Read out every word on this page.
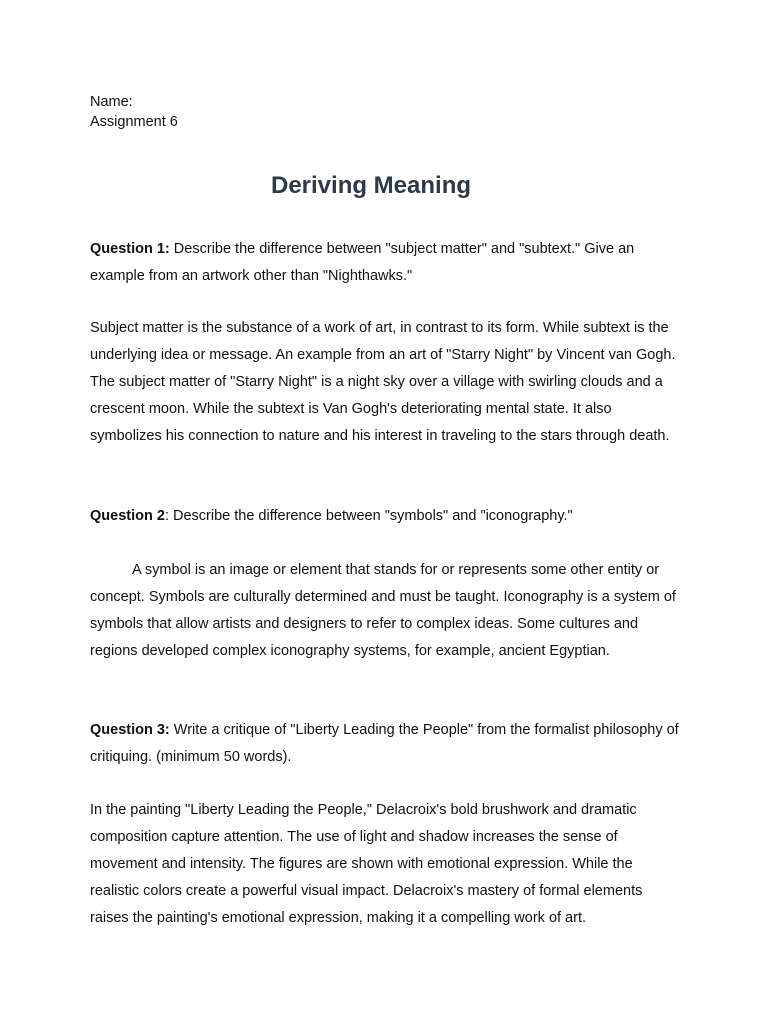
Name:

Assignment 6

Deriving Meaning

Question 1: Describe the difference between "subject matter" and "subtext." Give an example from an artwork other than "Nighthawks."

Subject matter is the substance of a work of art, in contrast to its form. While subtext is the underlying idea or message. An example from an art of "Starry Night" by Vincent van Gogh. The subject matter of "Starry Night" is a night sky over a village with swirling clouds and a crescent moon. While the subtext is Van Gogh's deteriorating mental state. It also symbolizes his connection to nature and his interest in traveling to the stars through death.

Question 2: Describe the difference between "symbols" and "iconography."

A symbol is an image or element that stands for or represents some other entity or concept. Symbols are culturally determined and must be taught. Iconography is a system of symbols that allow artists and designers to refer to complex ideas. Some cultures and regions developed complex iconography systems, for example, ancient Egyptian.

Question 3: Write a critique of "Liberty Leading the People" from the formalist philosophy of critiquing. (minimum 50 words).

In the painting "Liberty Leading the People," Delacroix's bold brushwork and dramatic composition capture attention. The use of light and shadow increases the sense of movement and intensity. The figures are shown with emotional expression. While the realistic colors create a powerful visual impact. Delacroix's mastery of formal elements raises the painting's emotional expression, making it a compelling work of art.
